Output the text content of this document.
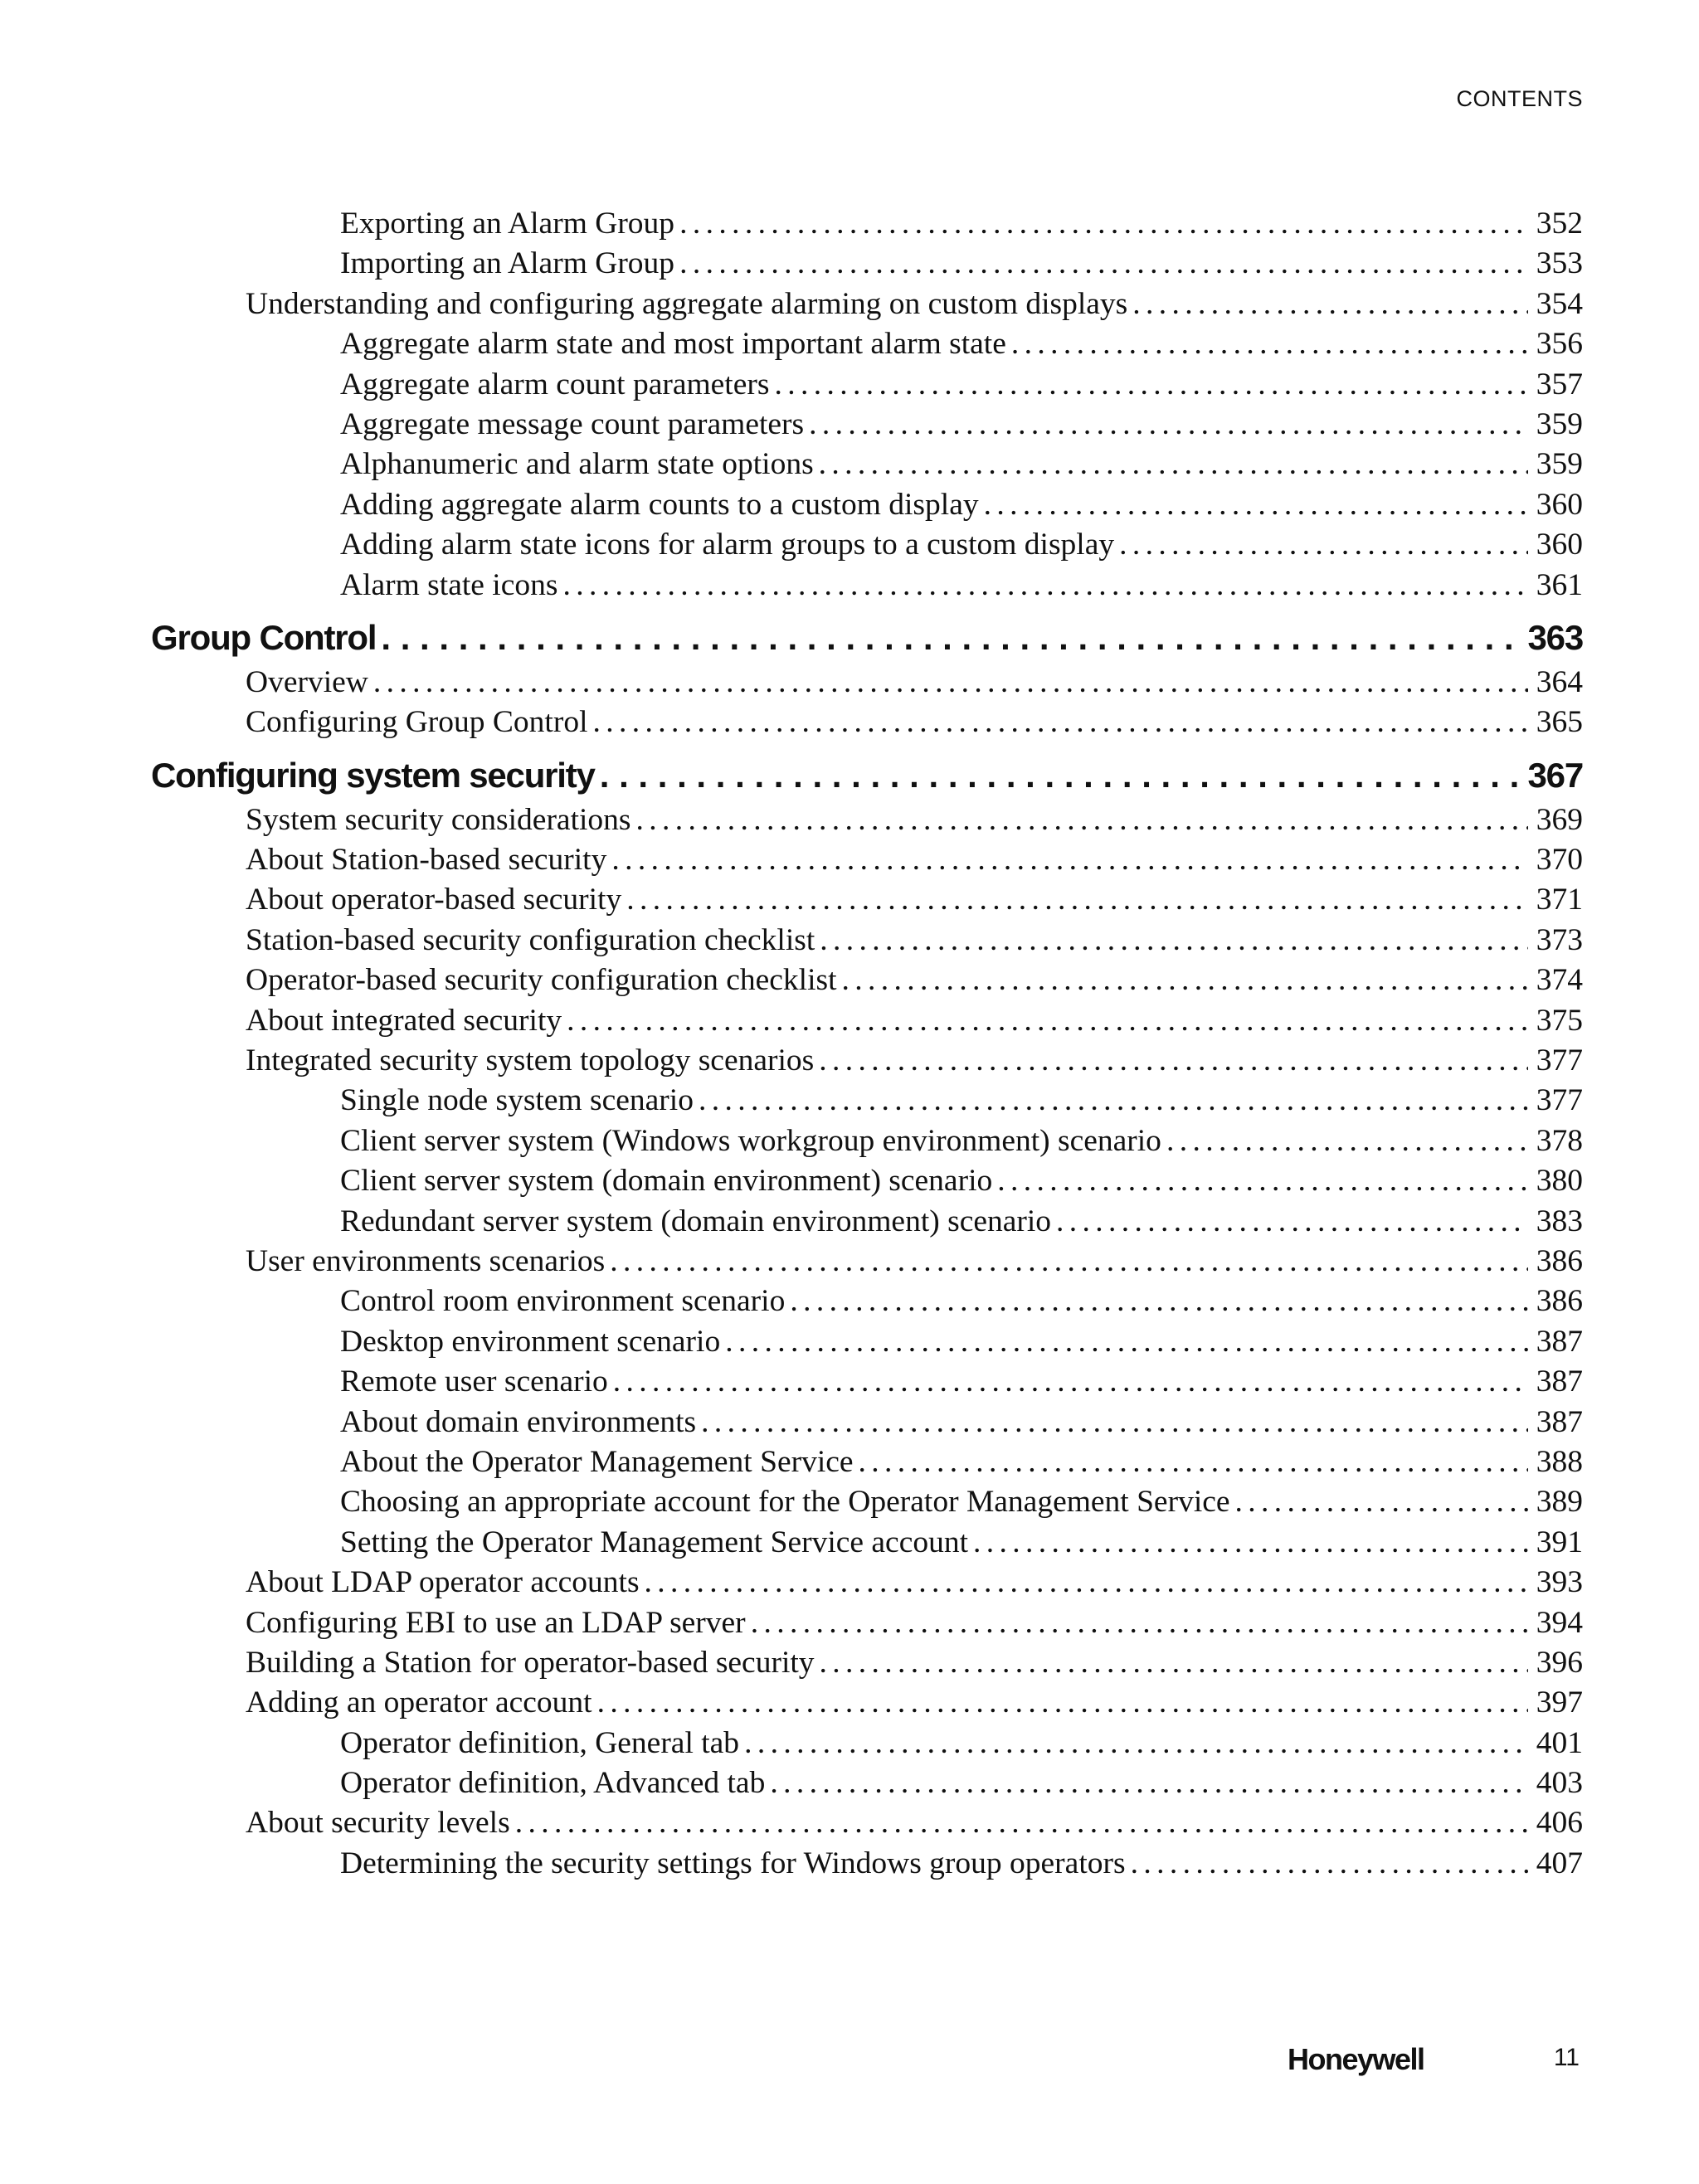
CONTENTS
Exporting an Alarm Group . . .	352
Importing an Alarm Group . . .	353
Understanding and configuring aggregate alarming on custom displays . . .	354
Aggregate alarm state and most important alarm state . . .	356
Aggregate alarm count parameters . . .	357
Aggregate message count parameters . . .	359
Alphanumeric and alarm state options . . .	359
Adding aggregate alarm counts to a custom display . . .	360
Adding alarm state icons for alarm groups to a custom display . . .	360
Alarm state icons . . .	361
Group Control . . .	363
Overview . . .	364
Configuring Group Control . . .	365
Configuring system security . . .	367
System security considerations . . .	369
About Station-based security . . .	370
About operator-based security . . .	371
Station-based security configuration checklist . . .	373
Operator-based security configuration checklist . . .	374
About integrated security . . .	375
Integrated security system topology scenarios . . .	377
Single node system scenario . . .	377
Client server system (Windows workgroup environment) scenario . . .	378
Client server system (domain environment) scenario . . .	380
Redundant server system (domain environment) scenario . . .	383
User environments scenarios . . .	386
Control room environment scenario . . .	386
Desktop environment scenario . . .	387
Remote user scenario . . .	387
About domain environments . . .	387
About the Operator Management Service . . .	388
Choosing an appropriate account for the Operator Management Service . . .	389
Setting the Operator Management Service account . . .	391
About LDAP operator accounts . . .	393
Configuring EBI to use an LDAP server . . .	394
Building a Station for operator-based security . . .	396
Adding an operator account . . .	397
Operator definition, General tab . . .	401
Operator definition, Advanced tab . . .	403
About security levels . . .	406
Determining the security settings for Windows group operators . . .	407
Honeywell	11
